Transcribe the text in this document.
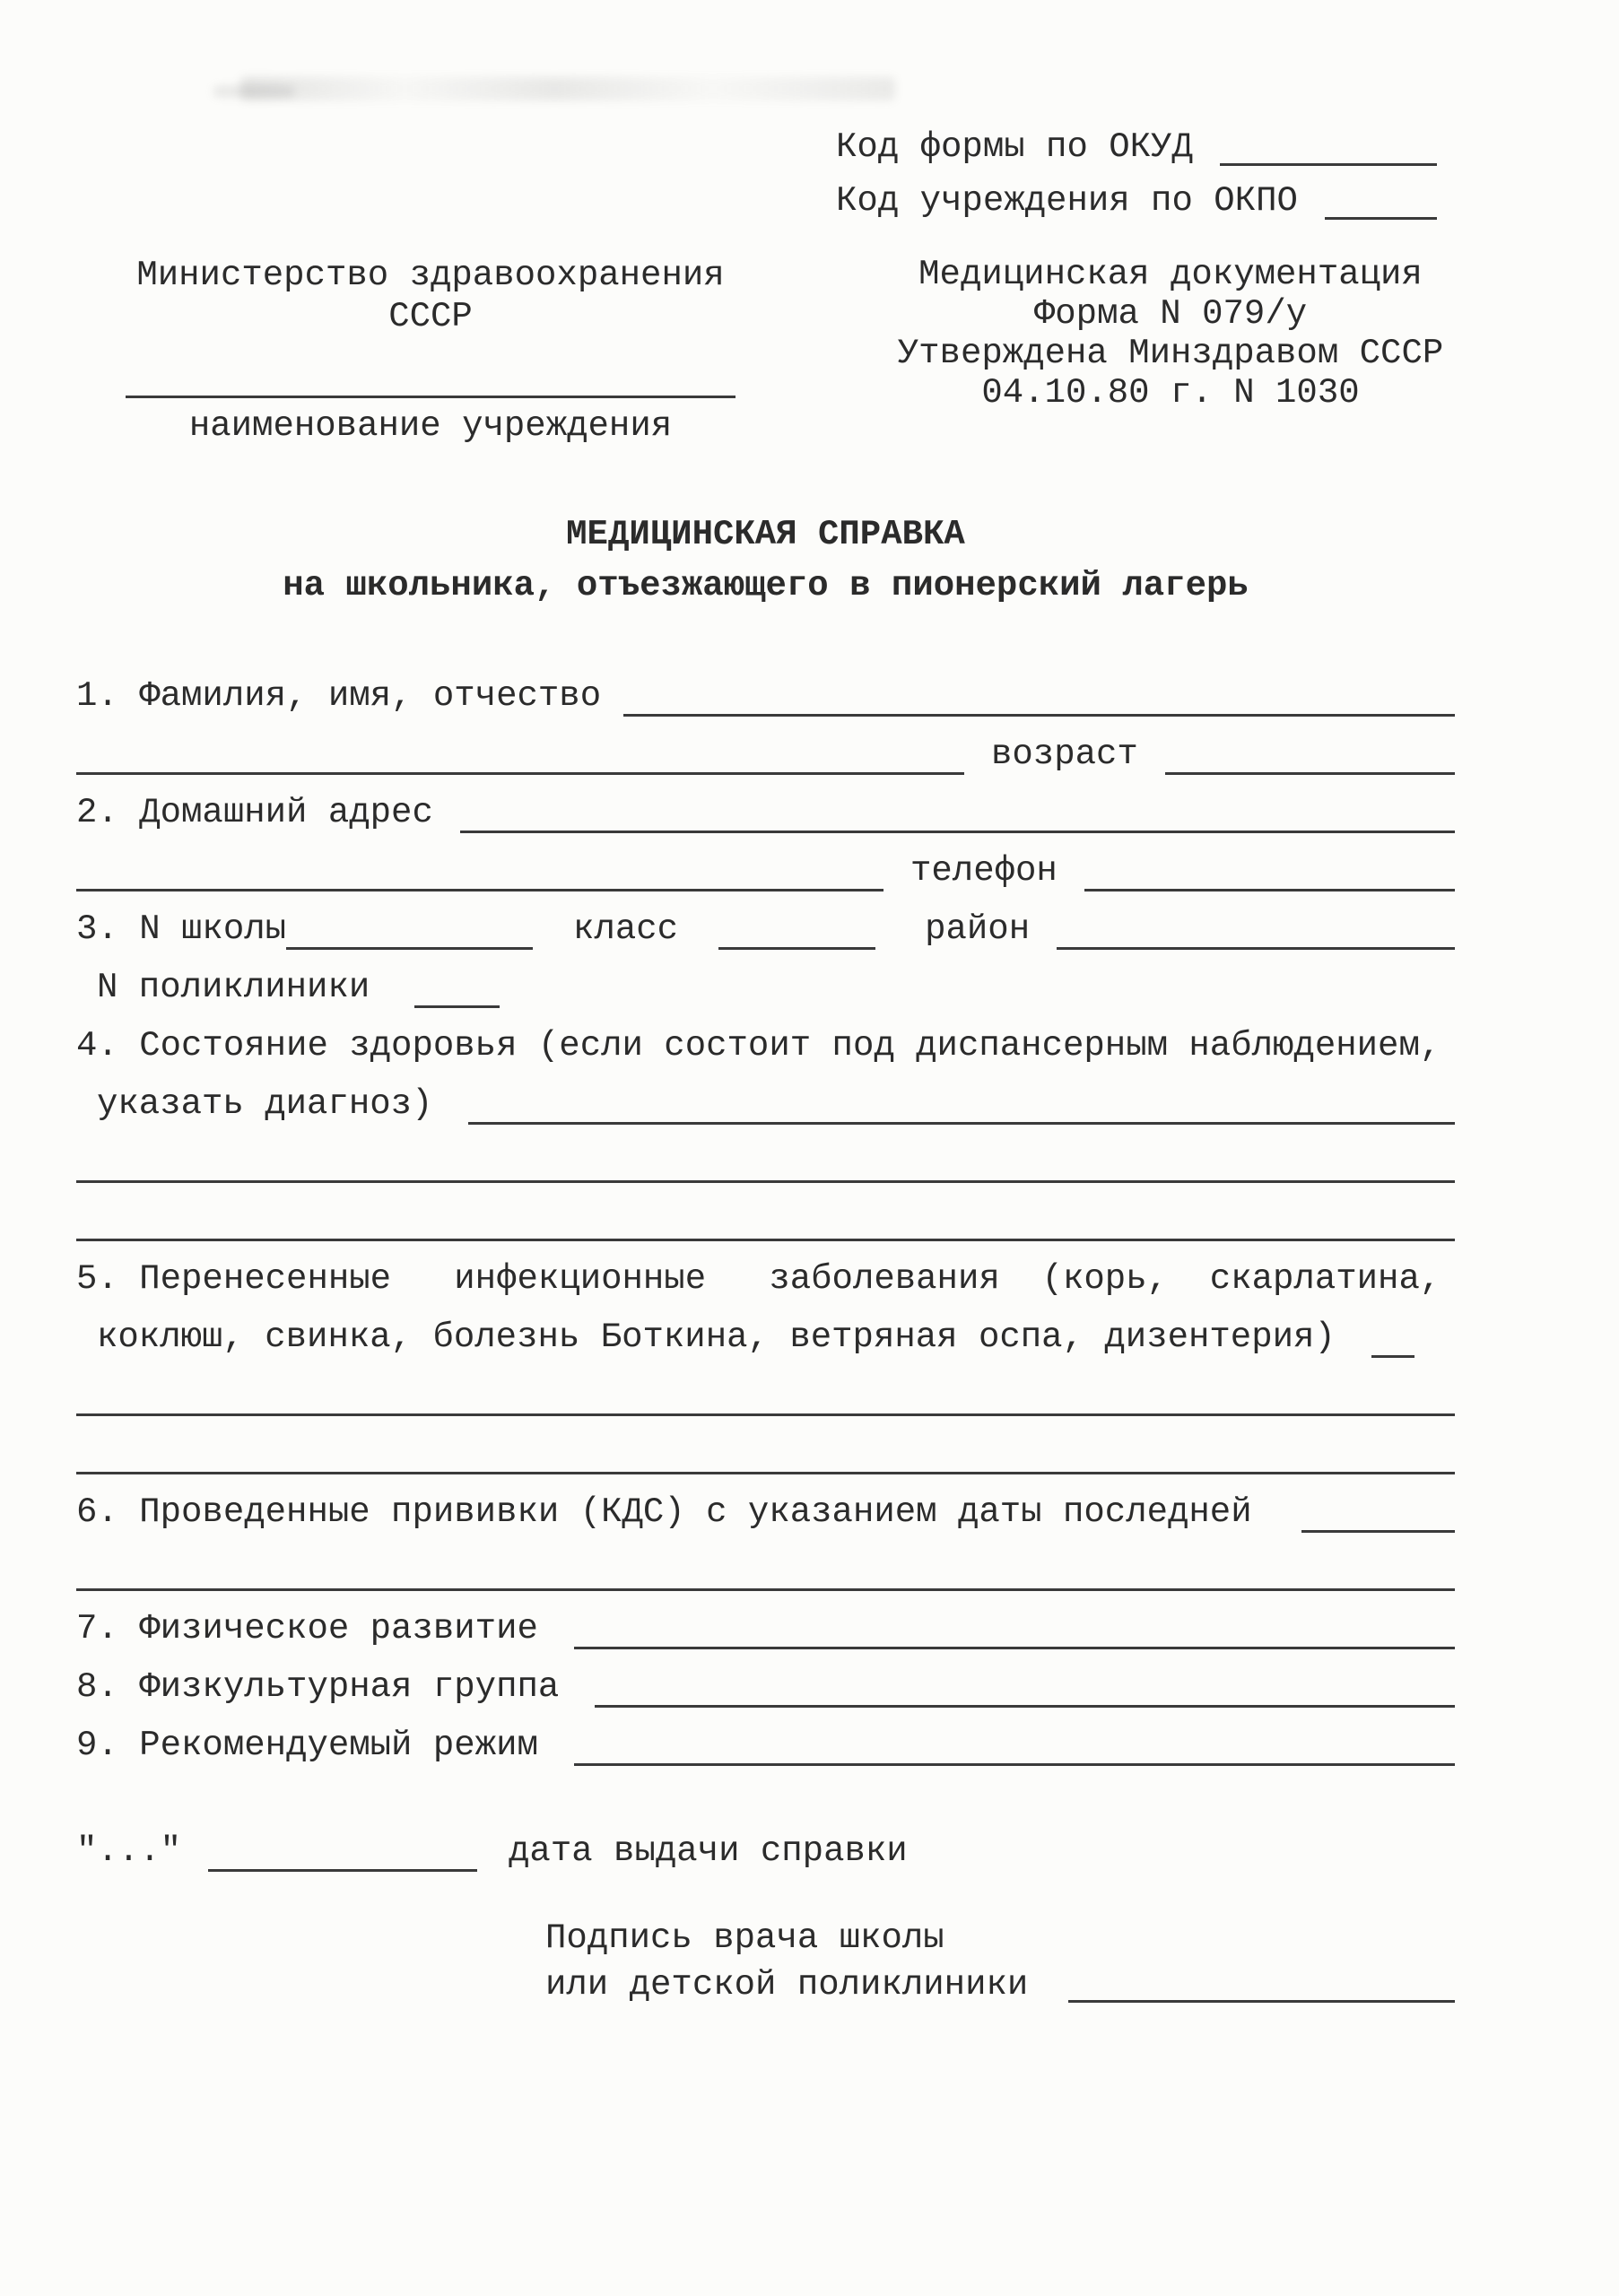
Код формы по ОКУД
Код учреждения по ОКПО
Министерство здравоохранения
СССР
наименование учреждения
Медицинская документация
Форма N 079/у
Утверждена Минздравом СССР
04.10.80 г. N 1030
МЕДИЦИНСКАЯ СПРАВКА
на школьника, отъезжающего в пионерский лагерь
1. Фамилия, имя, отчество
возраст
2. Домашний адрес
телефон
3. N школы	класс	район
N поликлиники
4. Состояние здоровья (если состоит под диспансерным наблюдением,
указать диагноз)
5. Перенесенные   инфекционные   заболевания  (корь,  скарлатина,
коклюш, свинка, болезнь Боткина, ветряная оспа, дизентерия)
6. Проведенные прививки (КДС) с указанием даты последней
7. Физическое развитие
8. Физкультурная группа
9. Рекомендуемый режим
"..."	дата выдачи справки
Подпись врача школы
или детской поликлиники
